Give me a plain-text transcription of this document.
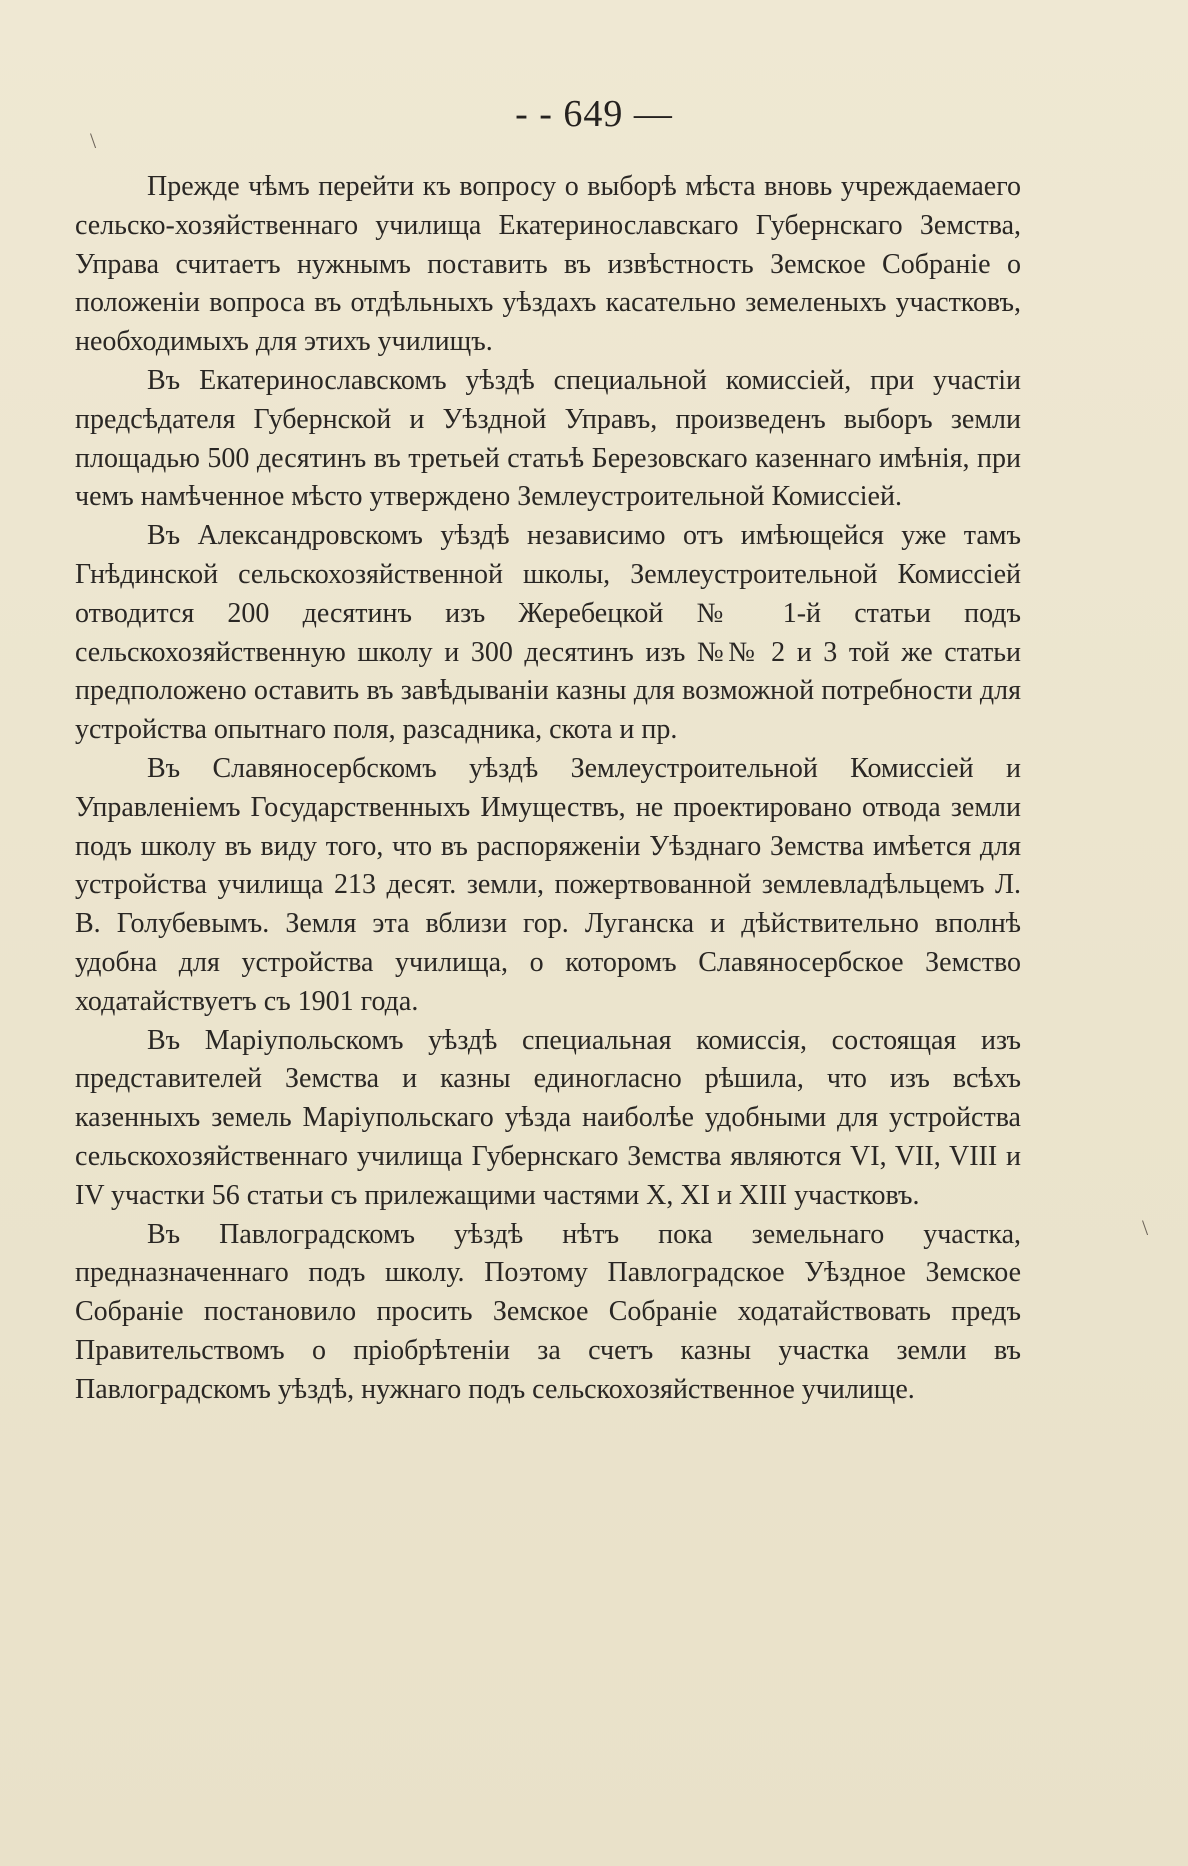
- - 649 —

Прежде чѣмъ перейти къ вопросу о выборѣ мѣста вновь учреждаемаего сельско-хозяйственнаго училища Екатеринославскаго Губернскаго Земства, Управа считаетъ нужнымъ поставить въ извѣстность Земское Собраніе о положеніи вопроса въ отдѣльныхъ уѣздахъ касательно земеленыхъ участковъ, необходимыхъ для этихъ училищъ.

Въ Екатеринославскомъ уѣздѣ специальной комиссіей, при участіи предсѣдателя Губернской и Уѣздной Управъ, произведенъ выборъ земли площадью 500 десятинъ въ третьей статьѣ Березовскаго казеннаго имѣнія, при чемъ намѣченное мѣсто утверждено Землеустроительной Комиссіей.

Въ Александровскомъ уѣздѣ независимо отъ имѣющейся уже тамъ Гнѣдинской сельскохозяйственной школы, Землеустроительной Комиссіей отводится 200 десятинъ изъ Жеребецкой № 1-й статьи подъ сельскохозяйственную школу и 300 десятинъ изъ №№ 2 и 3 той же статьи предположено оставить въ завѣдываніи казны для возможной потребности для устройства опытнаго поля, разсадника, скота и пр.

Въ Славяносербскомъ уѣздѣ Землеустроительной Комиссіей и Управленіемъ Государственныхъ Имуществъ, не проектировано отвода земли подъ школу въ виду того, что въ распоряженіи Уѣзднаго Земства имѣется для устройства училища 213 десят. земли, пожертвованной землевладѣльцемъ Л. В. Голубевымъ. Земля эта вблизи гор. Луганска и дѣйствительно вполнѣ удобна для устройства училища, о которомъ Славяносербское Земство ходатайствуетъ съ 1901 года.

Въ Маріупольскомъ уѣздѣ специальная комиссія, состоящая изъ представителей Земства и казны единогласно рѣшила, что изъ всѣхъ казенныхъ земель Маріупольскаго уѣзда наиболѣе удобными для устройства сельскохозяйственнаго училища Губернскаго Земства являются VI, VII, VIII и IV участки 56 статьи съ прилежащими частями X, XI и XIII участковъ.

Въ Павлоградскомъ уѣздѣ нѣтъ пока земельнаго участка, предназначеннаго подъ школу. Поэтому Павлоградское Уѣздное Земское Собраніе постановило просить Земское Собраніе ходатайствовать предъ Правительствомъ о пріобрѣтеніи за счетъ казны участка земли въ Павлоградскомъ уѣздѣ, нужнаго подъ сельскохозяйственное училище.

\
\
